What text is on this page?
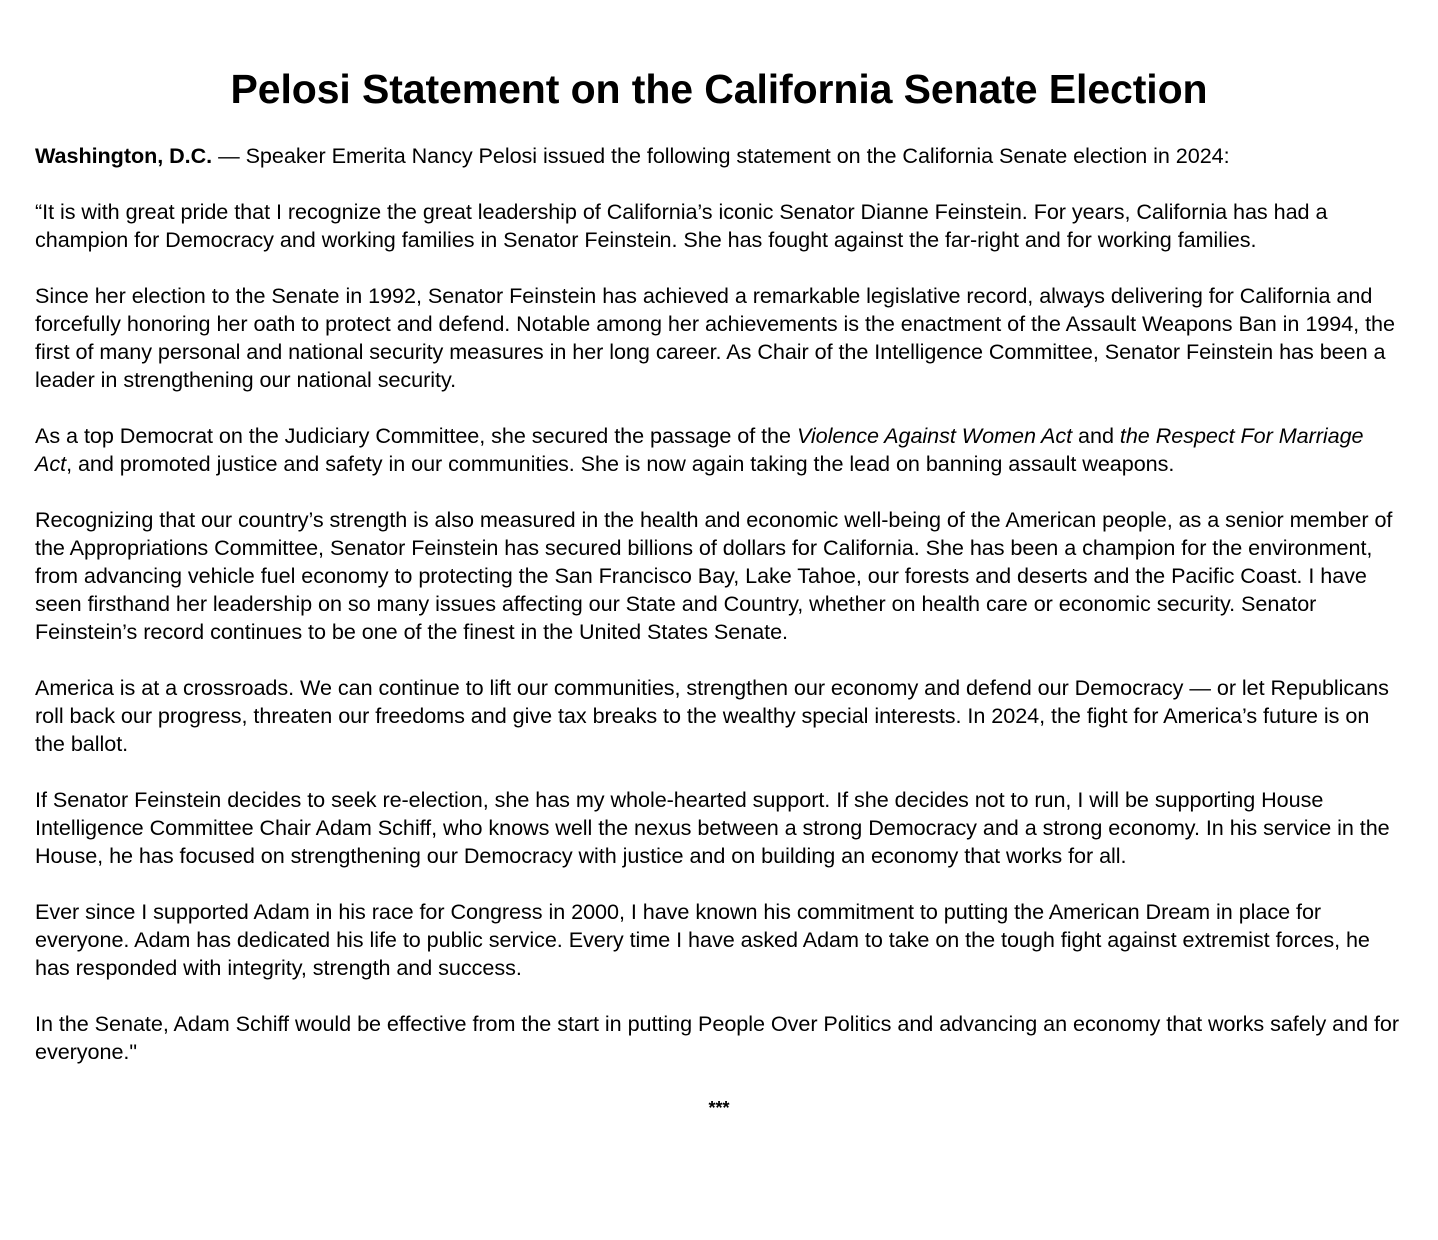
Pelosi Statement on the California Senate Election

Washington, D.C. — Speaker Emerita Nancy Pelosi issued the following statement on the California Senate election in 2024:

“It is with great pride that I recognize the great leadership of California’s iconic Senator Dianne Feinstein. For years, California has had a champion for Democracy and working families in Senator Feinstein. She has fought against the far-right and for working families.

Since her election to the Senate in 1992, Senator Feinstein has achieved a remarkable legislative record, always delivering for California and forcefully honoring her oath to protect and defend. Notable among her achievements is the enactment of the Assault Weapons Ban in 1994, the first of many personal and national security measures in her long career. As Chair of the Intelligence Committee, Senator Feinstein has been a leader in strengthening our national security.

As a top Democrat on the Judiciary Committee, she secured the passage of the Violence Against Women Act and the Respect For Marriage Act, and promoted justice and safety in our communities. She is now again taking the lead on banning assault weapons.

Recognizing that our country’s strength is also measured in the health and economic well-being of the American people, as a senior member of the Appropriations Committee, Senator Feinstein has secured billions of dollars for California. She has been a champion for the environment, from advancing vehicle fuel economy to protecting the San Francisco Bay, Lake Tahoe, our forests and deserts and the Pacific Coast. I have seen firsthand her leadership on so many issues affecting our State and Country, whether on health care or economic security. Senator Feinstein’s record continues to be one of the finest in the United States Senate.

America is at a crossroads. We can continue to lift our communities, strengthen our economy and defend our Democracy — or let Republicans roll back our progress, threaten our freedoms and give tax breaks to the wealthy special interests. In 2024, the fight for America’s future is on the ballot.

If Senator Feinstein decides to seek re-election, she has my whole-hearted support. If she decides not to run, I will be supporting House Intelligence Committee Chair Adam Schiff, who knows well the nexus between a strong Democracy and a strong economy. In his service in the House, he has focused on strengthening our Democracy with justice and on building an economy that works for all.

Ever since I supported Adam in his race for Congress in 2000, I have known his commitment to putting the American Dream in place for everyone. Adam has dedicated his life to public service. Every time I have asked Adam to take on the tough fight against extremist forces, he has responded with integrity, strength and success.

In the Senate, Adam Schiff would be effective from the start in putting People Over Politics and advancing an economy that works safely and for everyone."

***
